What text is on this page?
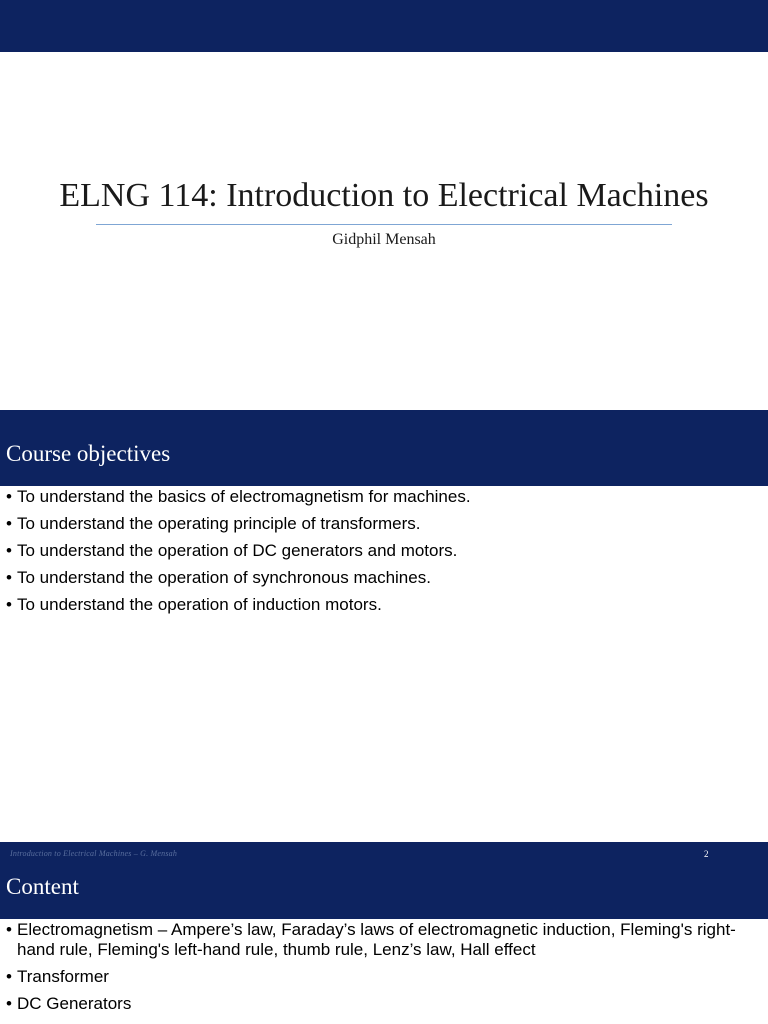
ELNG 114: Introduction to Electrical Machines
Gidphil Mensah
Course objectives
• To understand the basics of electromagnetism for machines.
• To understand the operating principle of transformers.
• To understand the operation of DC generators and motors.
• To understand the operation of synchronous machines.
• To understand the operation of induction motors.
Introduction to Electrical Machines – G. Mensah	2
Content
• Electromagnetism – Ampere’s law, Faraday’s laws of electromagnetic induction, Fleming's right-hand rule, Fleming's left-hand rule, thumb rule, Lenz’s law, Hall effect
• Transformer
• DC Generators
